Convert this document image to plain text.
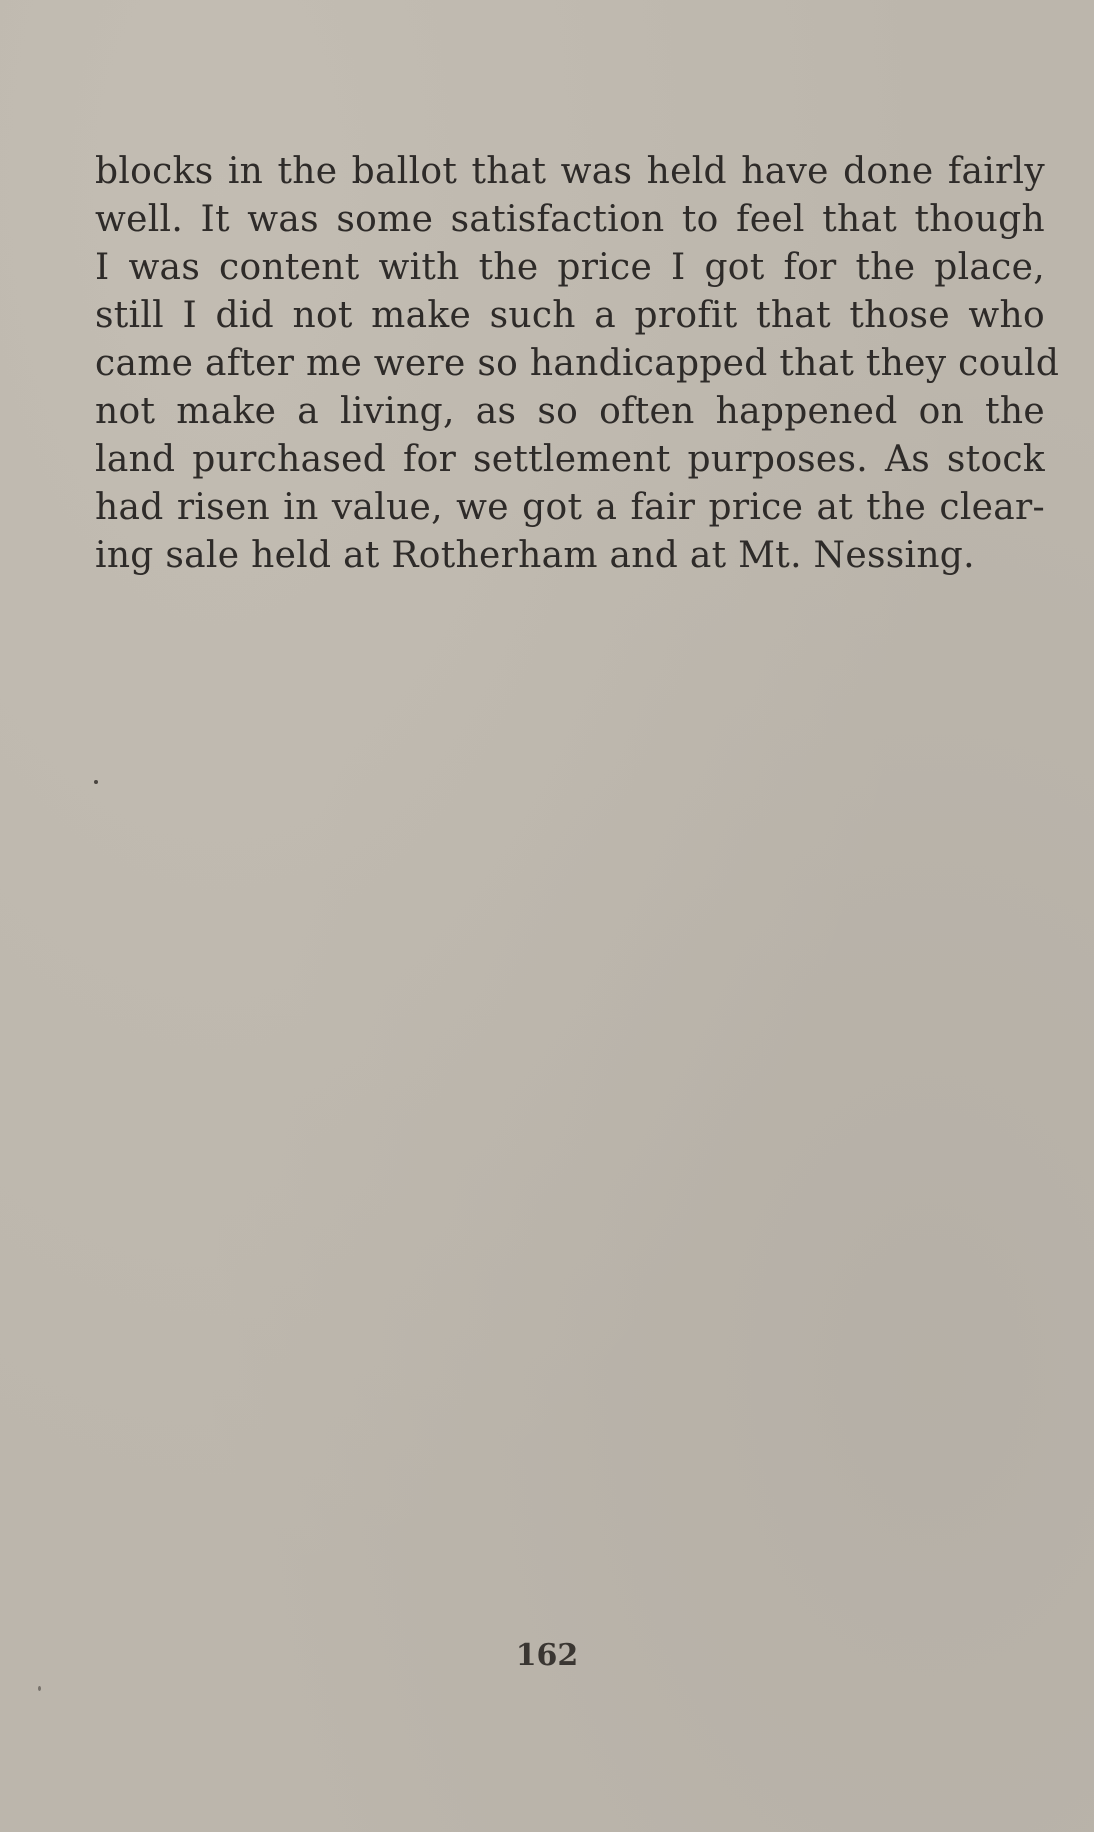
blocks in the ballot that was held have done fairly
well. It was some satisfaction to feel that though
I was content with the price I got for the place,
still I did not make such a profit that those who
came after me were so handicapped that they could
not make a living, as so often happened on the
land purchased for settlement purposes. As stock
had risen in value, we got a fair price at the clear-
ing sale held at Rotherham and at Mt. Nessing.
162
